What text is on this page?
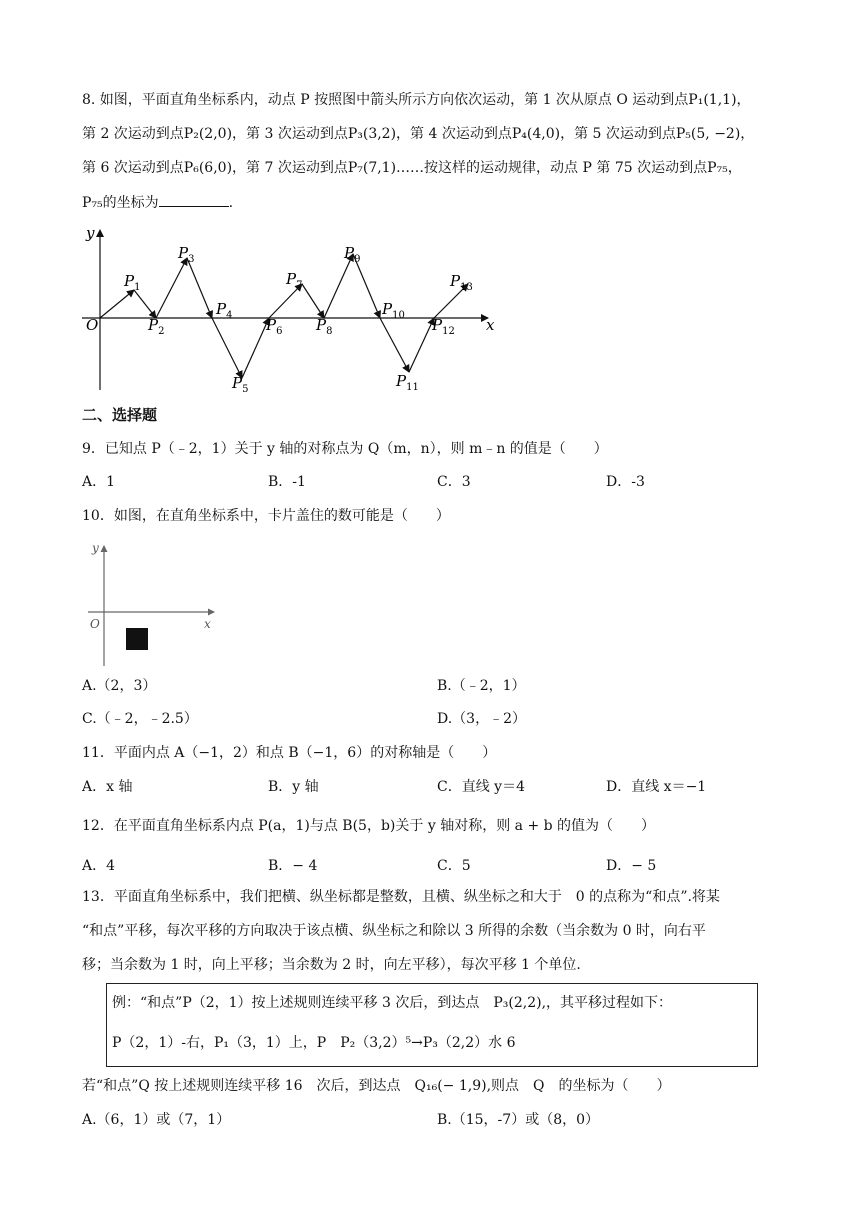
8. 如图，平面直角坐标系内，动点 P 按照图中箭头所示方向依次运动，第 1 次从原点 O 运动到点P₁(1,1)，
第 2 次运动到点P₂(2,0)，第 3 次运动到点P₃(3,2)，第 4 次运动到点P₄(4,0)，第 5 次运动到点P₅(5, −2)，
第 6 次运动到点P₆(6,0)，第 7 次运动到点P₇(7,1)……按这样的运动规律，动点 P 第 75 次运动到点P₇₅，
P₇₅的坐标为	.
y
x
O
$P_1$
$P_2$
$P_3$
$P_4$
$P_5$
$P_6$
$P_7$
$P_8$
$P_9$
$P_{10}$
$P_{11}$
$P_{12}$
$P_{13}$
二、选择题
9．已知点 P（﹣2，1）关于 y 轴的对称点为 Q（m，n），则 m﹣n 的值是（　　）
A．1	B．-1	C．3	D．-3
10．如图，在直角坐标系中，卡片盖住的数可能是（　　）
y
x
O
A.（2，3）	B.（﹣2，1）
C.（﹣2，﹣2.5）	D.（3，﹣2）
11．平面内点 A（−1，2）和点 B（−1，6）的对称轴是（　　）
A．x 轴	B．y 轴	C．直线 y＝4	D．直线 x＝−1
12．在平面直角坐标系内点 P(a，1)与点 B(5，b)关于 y 轴对称，则 a + b 的值为（　　）
A．4	B．− 4	C．5	D．− 5
13．平面直角坐标系中，我们把横、纵坐标都是整数，且横、纵坐标之和大于　0 的点称为“和点”.将某
“和点”平移，每次平移的方向取决于该点横、纵坐标之和除以 3 所得的余数（当余数为 0 时，向右平
移；当余数为 1 时，向上平移；当余数为 2 时，向左平移），每次平移 1 个单位.
例：“和点”P（2，1）按上述规则连续平移 3 次后，到达点　P₃(2,2),，其平移过程如下：
P（2，1）-右，P₁（3，1）上，P　P₂（3,2）⁵→P₃（2,2）水 6
若“和点”Q 按上述规则连续平移 16　次后，到达点　Q₁₆(− 1,9),则点　Q　的坐标为（　　）
A.（6，1）或（7，1）	B.（15，-7）或（8，0）
